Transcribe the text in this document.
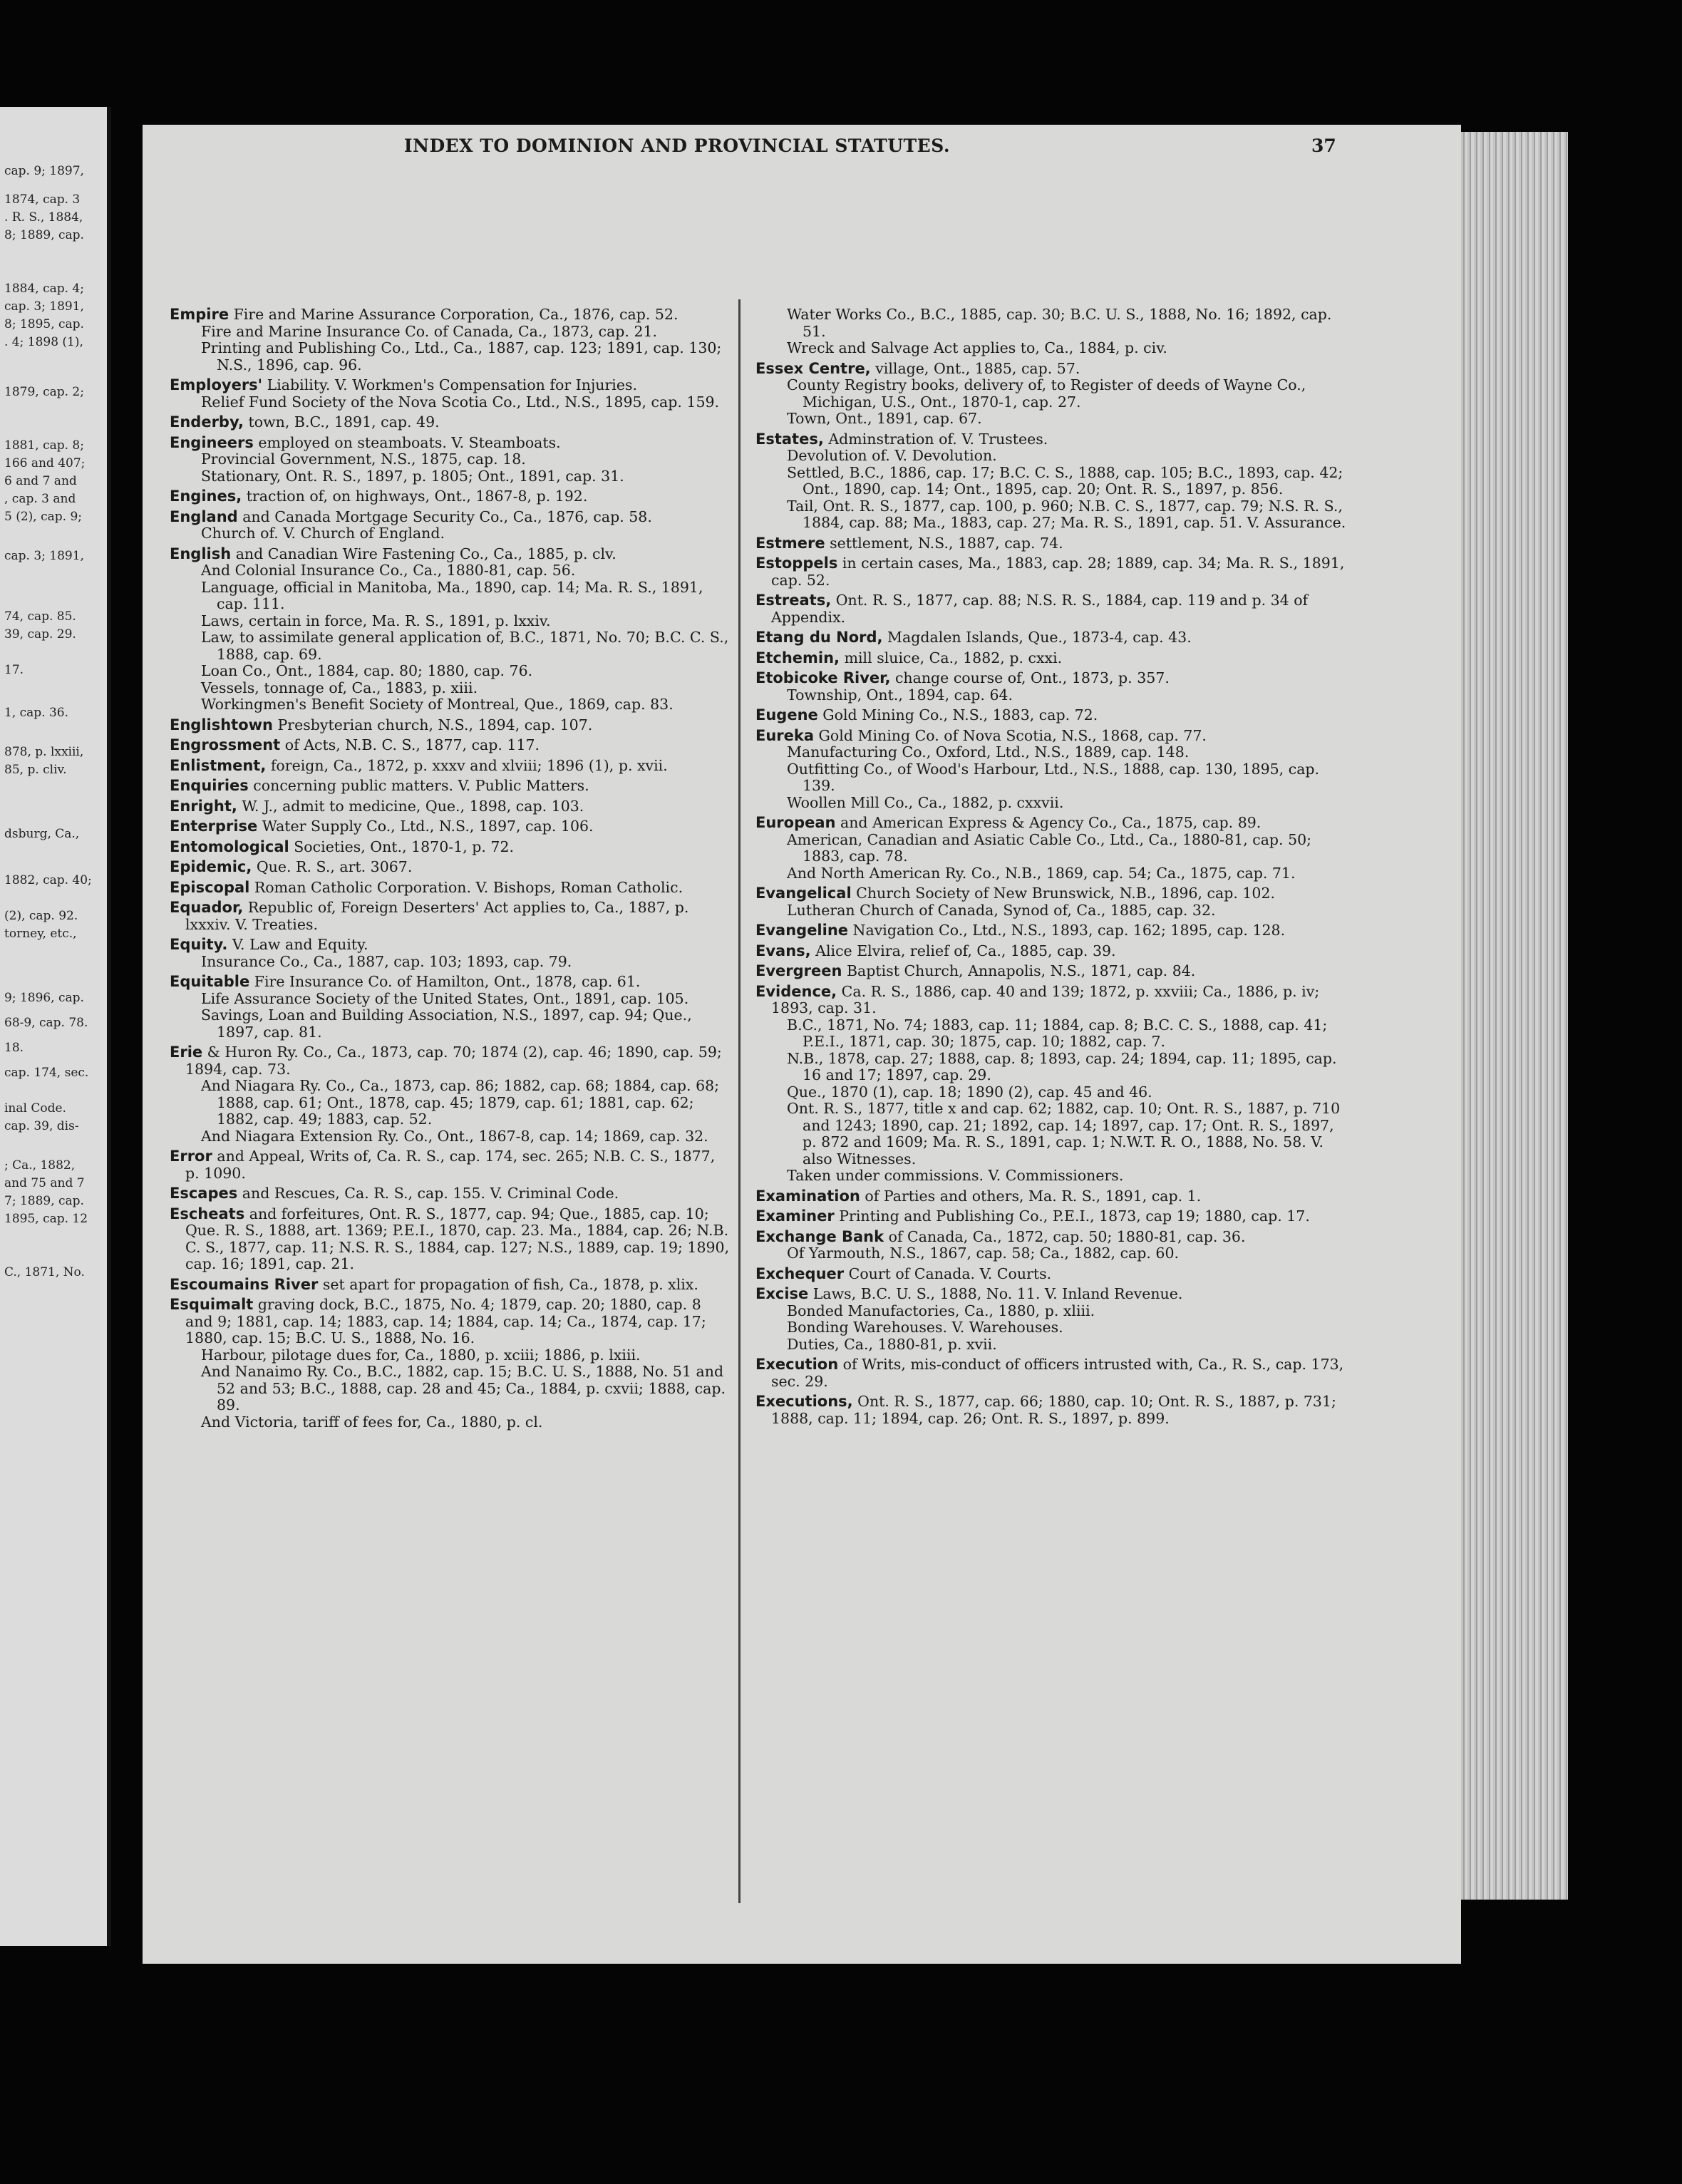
cap. 9; 1897,
1874, cap. 3
. R. S., 1884,
8; 1889, cap.
1884, cap. 4;
cap. 3; 1891,
8; 1895, cap.
. 4; 1898 (1),
1879, cap. 2;
1881, cap. 8;
166 and 407;
6 and 7 and
, cap. 3 and
5 (2), cap. 9;
cap. 3; 1891,
74, cap. 85.
39, cap. 29.
17.
1, cap. 36.
878, p. lxxiii,
85, p. cliv.
dsburg, Ca.,
1882, cap. 40;
(2), cap. 92.
torney, etc.,
9; 1896, cap.
68-9, cap. 78.
18.
cap. 174, sec.
inal Code.
cap. 39, dis-
; Ca., 1882,
and 75 and 7
7; 1889, cap.
1895, cap. 12
C., 1871, No.
INDEX TO DOMINION AND PROVINCIAL STATUTES.	37
Empire Fire and Marine Assurance Corporation, Ca., 1876, cap. 52.
Fire and Marine Insurance Co. of Canada, Ca., 1873, cap. 21.
Printing and Publishing Co., Ltd., Ca., 1887, cap. 123; 1891, cap. 130; N.S., 1896, cap. 96.
Employers' Liability. V. Workmen's Compensation for Injuries.
Relief Fund Society of the Nova Scotia Co., Ltd., N.S., 1895, cap. 159.
Enderby, town, B.C., 1891, cap. 49.
Engineers employed on steamboats. V. Steamboats.
Provincial Government, N.S., 1875, cap. 18.
Stationary, Ont. R. S., 1897, p. 1805; Ont., 1891, cap. 31.
Engines, traction of, on highways, Ont., 1867-8, p. 192.
England and Canada Mortgage Security Co., Ca., 1876, cap. 58.
Church of. V. Church of England.
English and Canadian Wire Fastening Co., Ca., 1885, p. clv.
And Colonial Insurance Co., Ca., 1880-81, cap. 56.
Language, official in Manitoba, Ma., 1890, cap. 14; Ma. R. S., 1891, cap. 111.
Laws, certain in force, Ma. R. S., 1891, p. lxxiv.
Law, to assimilate general application of, B.C., 1871, No. 70; B.C. C. S., 1888, cap. 69.
Loan Co., Ont., 1884, cap. 80; 1880, cap. 76.
Vessels, tonnage of, Ca., 1883, p. xiii.
Workingmen's Benefit Society of Montreal, Que., 1869, cap. 83.
Englishtown Presbyterian church, N.S., 1894, cap. 107.
Engrossment of Acts, N.B. C. S., 1877, cap. 117.
Enlistment, foreign, Ca., 1872, p. xxxv and xlviii; 1896 (1), p. xvii.
Enquiries concerning public matters. V. Public Matters.
Enright, W. J., admit to medicine, Que., 1898, cap. 103.
Enterprise Water Supply Co., Ltd., N.S., 1897, cap. 106.
Entomological Societies, Ont., 1870-1, p. 72.
Epidemic, Que. R. S., art. 3067.
Episcopal Roman Catholic Corporation. V. Bishops, Roman Catholic.
Equador, Republic of, Foreign Deserters' Act applies to, Ca., 1887, p. lxxxiv. V. Treaties.
Equity. V. Law and Equity.
Insurance Co., Ca., 1887, cap. 103; 1893, cap. 79.
Equitable Fire Insurance Co. of Hamilton, Ont., 1878, cap. 61.
Life Assurance Society of the United States, Ont., 1891, cap. 105.
Savings, Loan and Building Association, N.S., 1897, cap. 94; Que., 1897, cap. 81.
Erie & Huron Ry. Co., Ca., 1873, cap. 70; 1874 (2), cap. 46; 1890, cap. 59; 1894, cap. 73.
And Niagara Ry. Co., Ca., 1873, cap. 86; 1882, cap. 68; 1884, cap. 68; 1888, cap. 61; Ont., 1878, cap. 45; 1879, cap. 61; 1881, cap. 62; 1882, cap. 49; 1883, cap. 52.
And Niagara Extension Ry. Co., Ont., 1867-8, cap. 14; 1869, cap. 32.
Error and Appeal, Writs of, Ca. R. S., cap. 174, sec. 265; N.B. C. S., 1877, p. 1090.
Escapes and Rescues, Ca. R. S., cap. 155. V. Criminal Code.
Escheats and forfeitures, Ont. R. S., 1877, cap. 94; Que., 1885, cap. 10; Que. R. S., 1888, art. 1369; P.E.I., 1870, cap. 23. Ma., 1884, cap. 26; N.B. C. S., 1877, cap. 11; N.S. R. S., 1884, cap. 127; N.S., 1889, cap. 19; 1890, cap. 16; 1891, cap. 21.
Escoumains River set apart for propagation of fish, Ca., 1878, p. xlix.
Esquimalt graving dock, B.C., 1875, No. 4; 1879, cap. 20; 1880, cap. 8 and 9; 1881, cap. 14; 1883, cap. 14; 1884, cap. 14; Ca., 1874, cap. 17; 1880, cap. 15; B.C. U. S., 1888, No. 16.
Harbour, pilotage dues for, Ca., 1880, p. xciii; 1886, p. lxiii.
And Nanaimo Ry. Co., B.C., 1882, cap. 15; B.C. U. S., 1888, No. 51 and 52 and 53; B.C., 1888, cap. 28 and 45; Ca., 1884, p. cxvii; 1888, cap. 89.
And Victoria, tariff of fees for, Ca., 1880, p. cl.
Water Works Co., B.C., 1885, cap. 30; B.C. U. S., 1888, No. 16; 1892, cap. 51.
Wreck and Salvage Act applies to, Ca., 1884, p. civ.
Essex Centre, village, Ont., 1885, cap. 57.
County Registry books, delivery of, to Register of deeds of Wayne Co., Michigan, U.S., Ont., 1870-1, cap. 27.
Town, Ont., 1891, cap. 67.
Estates, Adminstration of. V. Trustees.
Devolution of. V. Devolution.
Settled, B.C., 1886, cap. 17; B.C. C. S., 1888, cap. 105; B.C., 1893, cap. 42; Ont., 1890, cap. 14; Ont., 1895, cap. 20; Ont. R. S., 1897, p. 856.
Tail, Ont. R. S., 1877, cap. 100, p. 960; N.B. C. S., 1877, cap. 79; N.S. R. S., 1884, cap. 88; Ma., 1883, cap. 27; Ma. R. S., 1891, cap. 51. V. Assurance.
Estmere settlement, N.S., 1887, cap. 74.
Estoppels in certain cases, Ma., 1883, cap. 28; 1889, cap. 34; Ma. R. S., 1891, cap. 52.
Estreats, Ont. R. S., 1877, cap. 88; N.S. R. S., 1884, cap. 119 and p. 34 of Appendix.
Etang du Nord, Magdalen Islands, Que., 1873-4, cap. 43.
Etchemin, mill sluice, Ca., 1882, p. cxxi.
Etobicoke River, change course of, Ont., 1873, p. 357.
Township, Ont., 1894, cap. 64.
Eugene Gold Mining Co., N.S., 1883, cap. 72.
Eureka Gold Mining Co. of Nova Scotia, N.S., 1868, cap. 77.
Manufacturing Co., Oxford, Ltd., N.S., 1889, cap. 148.
Outfitting Co., of Wood's Harbour, Ltd., N.S., 1888, cap. 130, 1895, cap. 139.
Woollen Mill Co., Ca., 1882, p. cxxvii.
European and American Express & Agency Co., Ca., 1875, cap. 89.
American, Canadian and Asiatic Cable Co., Ltd., Ca., 1880-81, cap. 50; 1883, cap. 78.
And North American Ry. Co., N.B., 1869, cap. 54; Ca., 1875, cap. 71.
Evangelical Church Society of New Brunswick, N.B., 1896, cap. 102.
Lutheran Church of Canada, Synod of, Ca., 1885, cap. 32.
Evangeline Navigation Co., Ltd., N.S., 1893, cap. 162; 1895, cap. 128.
Evans, Alice Elvira, relief of, Ca., 1885, cap. 39.
Evergreen Baptist Church, Annapolis, N.S., 1871, cap. 84.
Evidence, Ca. R. S., 1886, cap. 40 and 139; 1872, p. xxviii; Ca., 1886, p. iv; 1893, cap. 31.
B.C., 1871, No. 74; 1883, cap. 11; 1884, cap. 8; B.C. C. S., 1888, cap. 41; P.E.I., 1871, cap. 30; 1875, cap. 10; 1882, cap. 7.
N.B., 1878, cap. 27; 1888, cap. 8; 1893, cap. 24; 1894, cap. 11; 1895, cap. 16 and 17; 1897, cap. 29.
Que., 1870 (1), cap. 18; 1890 (2), cap. 45 and 46.
Ont. R. S., 1877, title x and cap. 62; 1882, cap. 10; Ont. R. S., 1887, p. 710 and 1243; 1890, cap. 21; 1892, cap. 14; 1897, cap. 17; Ont. R. S., 1897, p. 872 and 1609; Ma. R. S., 1891, cap. 1; N.W.T. R. O., 1888, No. 58. V. also Witnesses.
Taken under commissions. V. Commissioners.
Examination of Parties and others, Ma. R. S., 1891, cap. 1.
Examiner Printing and Publishing Co., P.E.I., 1873, cap 19; 1880, cap. 17.
Exchange Bank of Canada, Ca., 1872, cap. 50; 1880-81, cap. 36.
Of Yarmouth, N.S., 1867, cap. 58; Ca., 1882, cap. 60.
Exchequer Court of Canada. V. Courts.
Excise Laws, B.C. U. S., 1888, No. 11. V. Inland Revenue.
Bonded Manufactories, Ca., 1880, p. xliii.
Bonding Warehouses. V. Warehouses.
Duties, Ca., 1880-81, p. xvii.
Execution of Writs, mis-conduct of officers intrusted with, Ca., R. S., cap. 173, sec. 29.
Executions, Ont. R. S., 1877, cap. 66; 1880, cap. 10; Ont. R. S., 1887, p. 731; 1888, cap. 11; 1894, cap. 26; Ont. R. S., 1897, p. 899.
